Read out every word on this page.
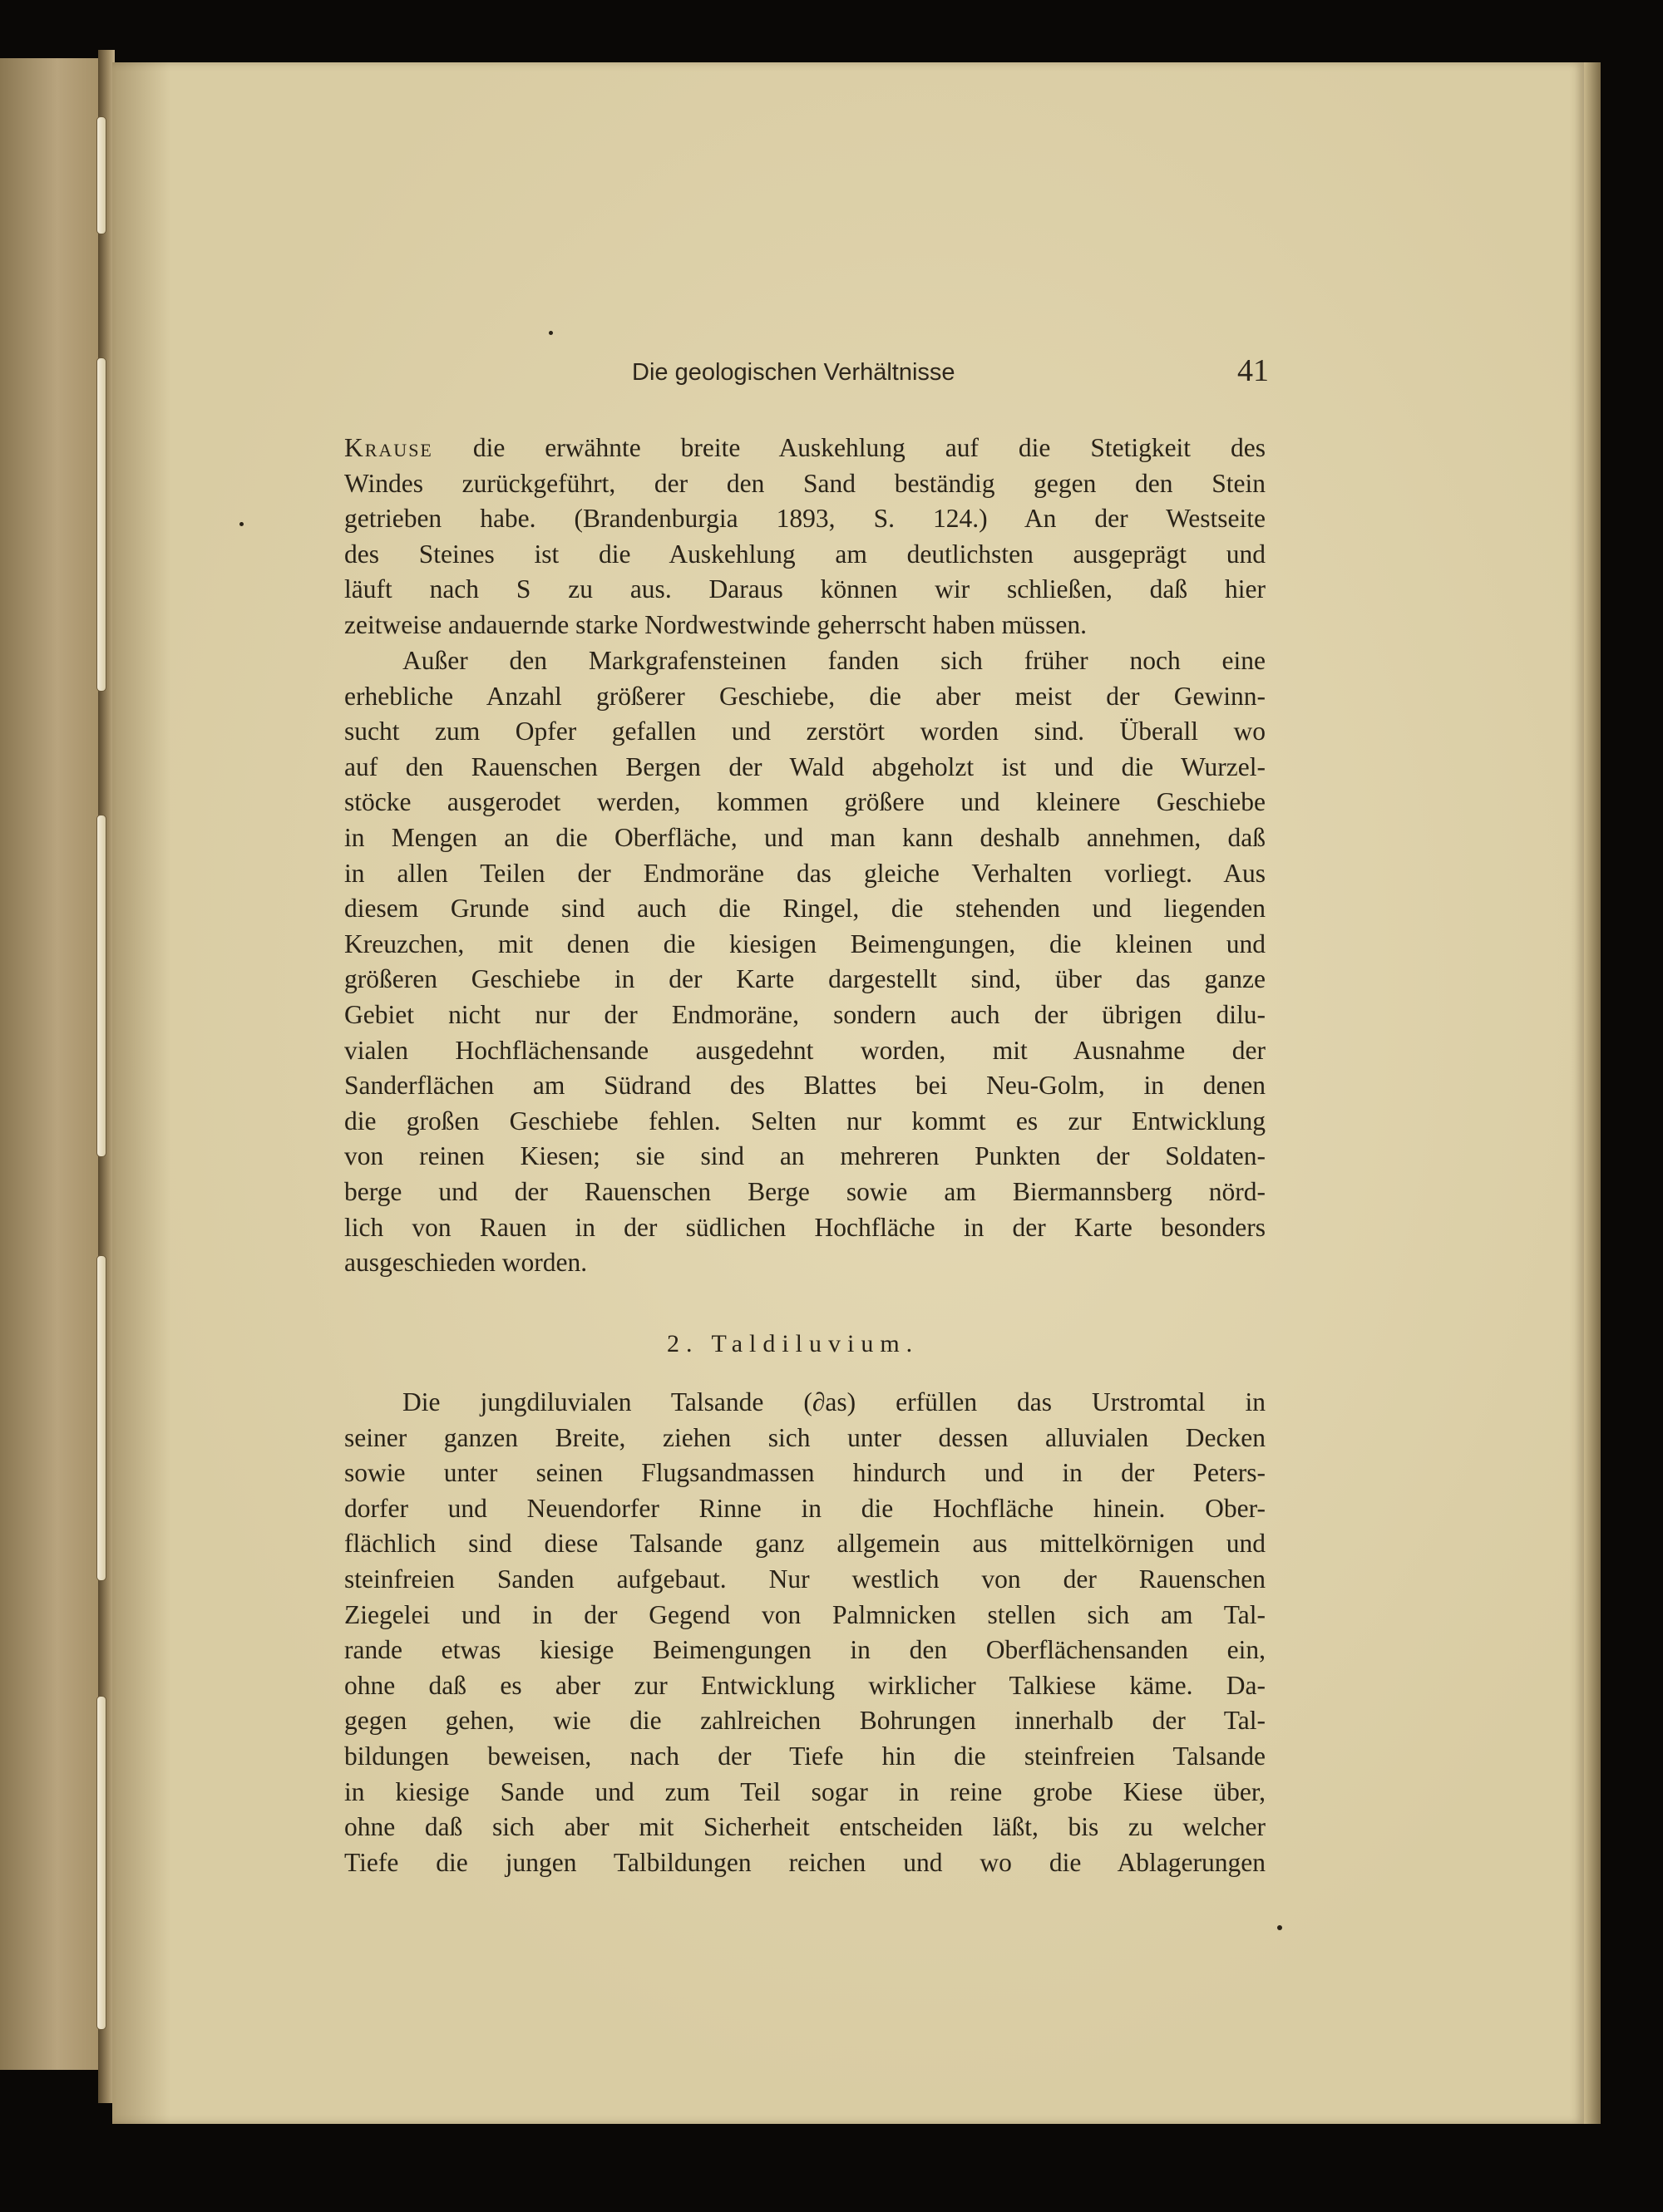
Die geologischen Verhältnisse	41
Krause die erwähnte breite Auskehlung auf die Stetigkeit des
Windes zurückgeführt, der den Sand beständig gegen den Stein
getrieben habe. (Brandenburgia 1893, S. 124.) An der Westseite
des Steines ist die Auskehlung am deutlichsten ausgeprägt und
läuft nach S zu aus. Daraus können wir schließen, daß hier
zeitweise andauernde starke Nordwestwinde geherrscht haben müssen.
Außer den Markgrafensteinen fanden sich früher noch eine
erhebliche Anzahl größerer Geschiebe, die aber meist der Gewinn-
sucht zum Opfer gefallen und zerstört worden sind. Überall wo
auf den Rauenschen Bergen der Wald abgeholzt ist und die Wurzel-
stöcke ausgerodet werden, kommen größere und kleinere Geschiebe
in Mengen an die Oberfläche, und man kann deshalb annehmen, daß
in allen Teilen der Endmoräne das gleiche Verhalten vorliegt. Aus
diesem Grunde sind auch die Ringel, die stehenden und liegenden
Kreuzchen, mit denen die kiesigen Beimengungen, die kleinen und
größeren Geschiebe in der Karte dargestellt sind, über das ganze
Gebiet nicht nur der Endmoräne, sondern auch der übrigen dilu-
vialen Hochflächensande ausgedehnt worden, mit Ausnahme der
Sanderflächen am Südrand des Blattes bei Neu-Golm, in denen
die großen Geschiebe fehlen. Selten nur kommt es zur Entwicklung
von reinen Kiesen; sie sind an mehreren Punkten der Soldaten-
berge und der Rauenschen Berge sowie am Biermannsberg nörd-
lich von Rauen in der südlichen Hochfläche in der Karte besonders
ausgeschieden worden.
2. Taldiluvium.
Die jungdiluvialen Talsande (∂as) erfüllen das Urstromtal in
seiner ganzen Breite, ziehen sich unter dessen alluvialen Decken
sowie unter seinen Flugsandmassen hindurch und in der Peters-
dorfer und Neuendorfer Rinne in die Hochfläche hinein. Ober-
flächlich sind diese Talsande ganz allgemein aus mittelkörnigen und
steinfreien Sanden aufgebaut. Nur westlich von der Rauenschen
Ziegelei und in der Gegend von Palmnicken stellen sich am Tal-
rande etwas kiesige Beimengungen in den Oberflächensanden ein,
ohne daß es aber zur Entwicklung wirklicher Talkiese käme. Da-
gegen gehen, wie die zahlreichen Bohrungen innerhalb der Tal-
bildungen beweisen, nach der Tiefe hin die steinfreien Talsande
in kiesige Sande und zum Teil sogar in reine grobe Kiese über,
ohne daß sich aber mit Sicherheit entscheiden läßt, bis zu welcher
Tiefe die jungen Talbildungen reichen und wo die Ablagerungen
